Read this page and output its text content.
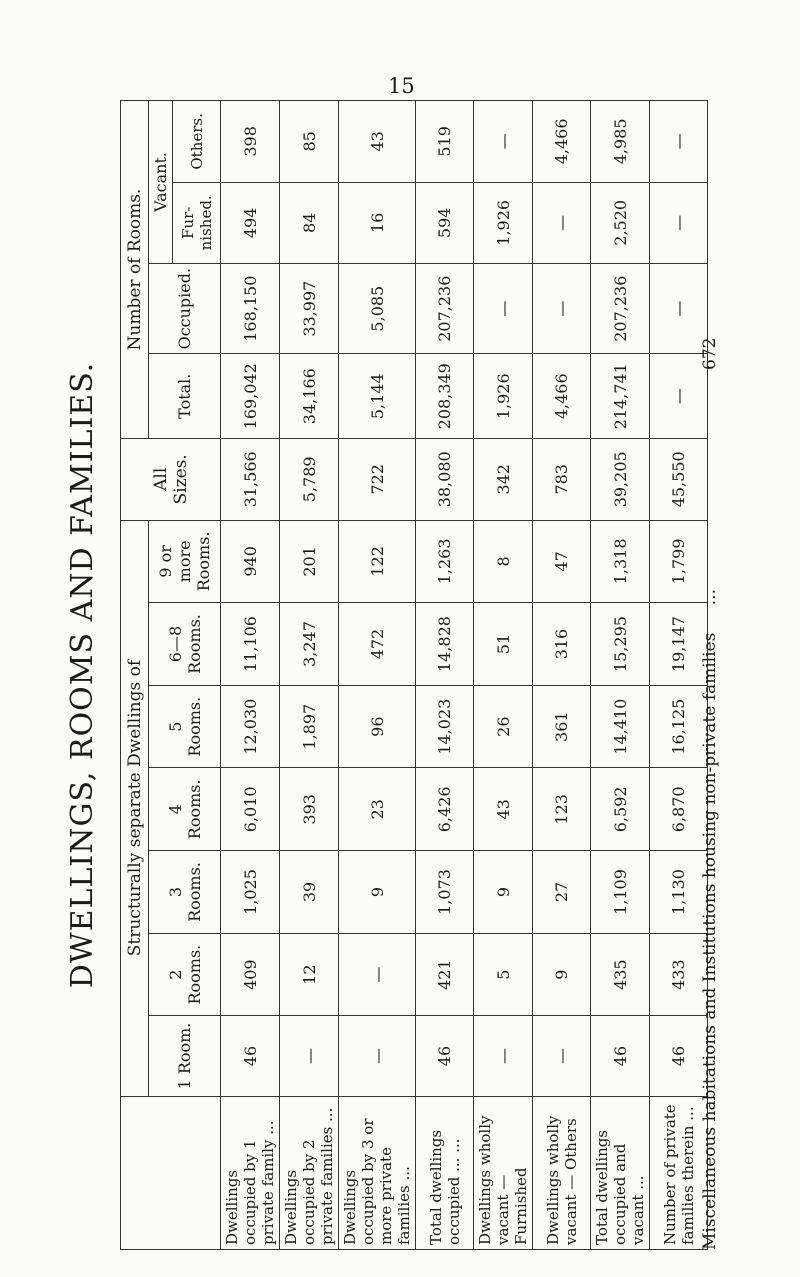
15
DWELLINGS, ROOMS AND FAMILIES.
		Structurally separate Dwellings of							All Sizes.	Number of Rooms.			
	1 Room.	2 Rooms.	3 Rooms.	4 Rooms.	5 Rooms.	6—8 Rooms.	9 or more Rooms.		Total.	Occupied.	Vacant.	
											Fur- nished.	Others.
Dwellings occupied by 1 private family ...	46	409	1,025	6,010	12,030	11,106	940	31,566	169,042	168,150	494	398
Dwellings occupied by 2 private families ...	—	12	39	393	1,897	3,247	201	5,789	34,166	33,997	84	85
Dwellings occupied by 3 or more private families ...	—	—	9	23	96	472	122	722	5,144	5,085	16	43
Total dwellings occupied ... ...	46	421	1,073	6,426	14,023	14,828	1,263	38,080	208,349	207,236	594	519
Dwellings wholly vacant — Furnished	—	5	9	43	26	51	8	342	1,926	—	1,926	—
Dwellings wholly vacant — Others	—	9	27	123	361	316	47	783	4,466	—	—	4,466
Total dwellings occupied and vacant ...	46	435	1,109	6,592	14,410	15,295	1,318	39,205	214,741	207,236	2,520	4,985
Number of private families therein ...	46	433	1,130	6,870	16,125	19,147	1,799	45,550	—	—	—	—
Miscellaneous habitations and Institutions housing non-private families ...
672
